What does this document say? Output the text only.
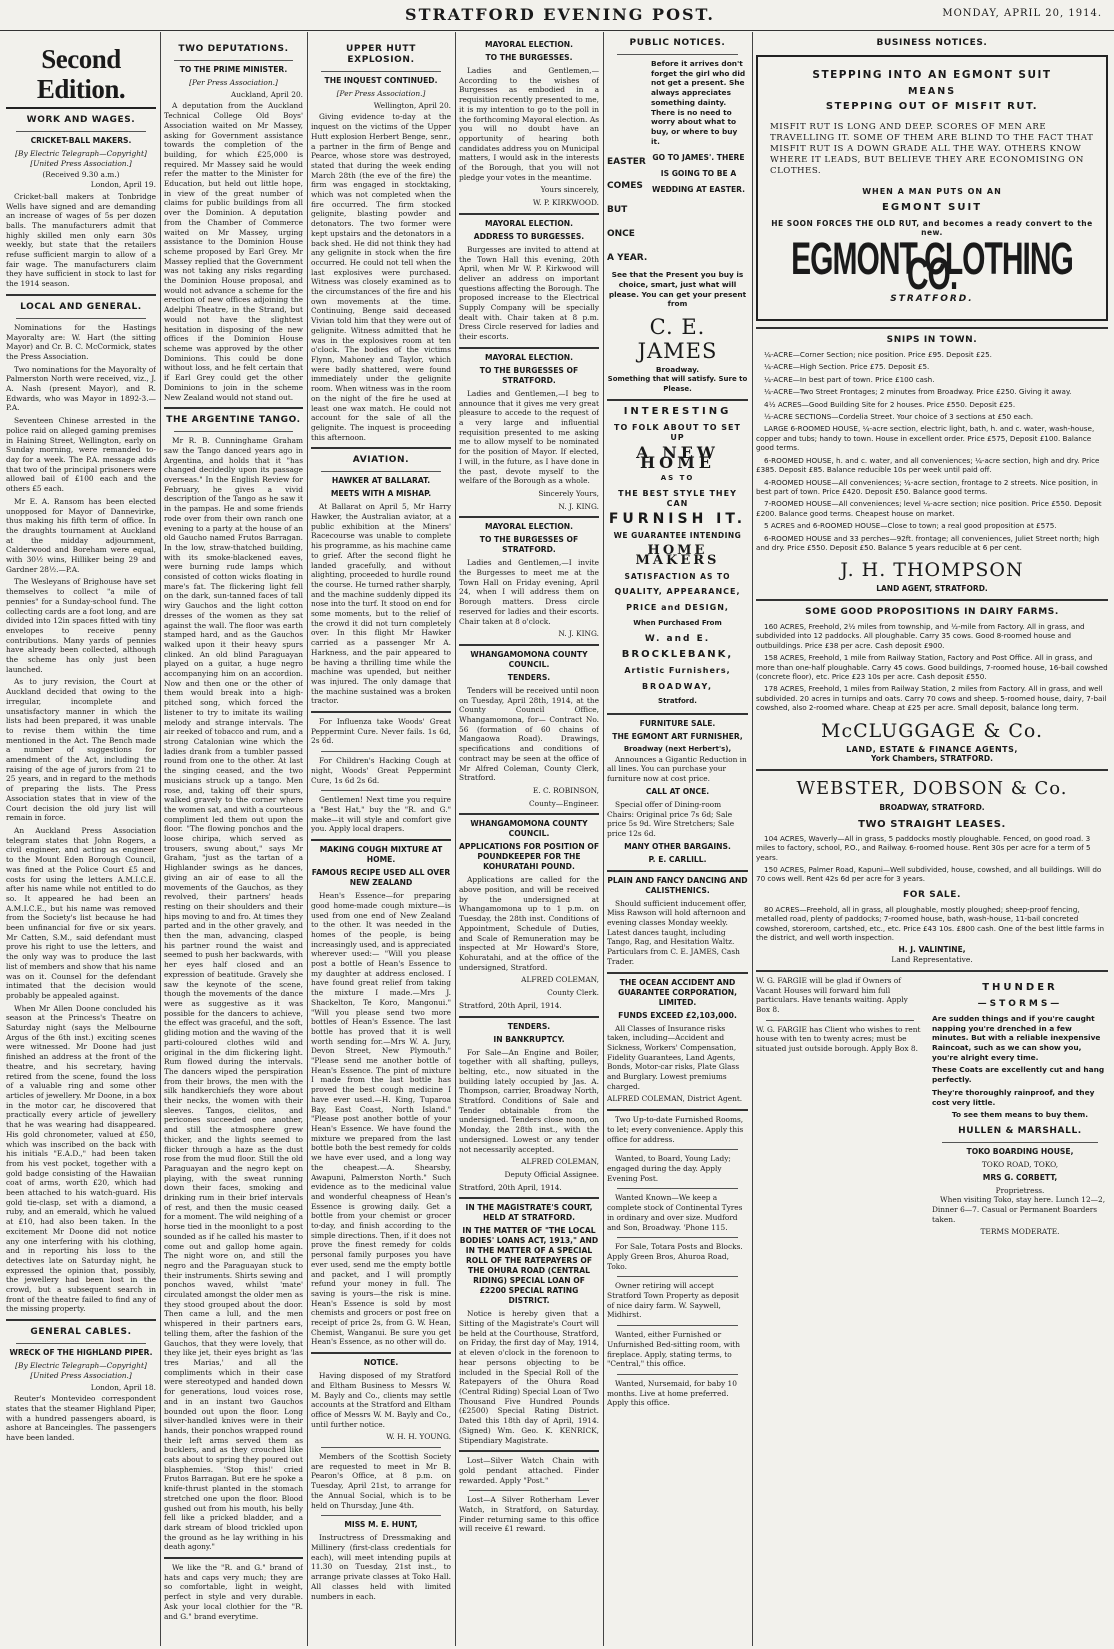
STRATFORD EVENING POST.	MONDAY, APRIL 20, 1914.
Second Edition.
WORK AND WAGES.
CRICKET-BALL MAKERS.
[By Electric Telegraph—Copyright] [United Press Association.]
(Received 9.30 a.m.)
London, April 19.

Cricket-ball makers at Tonbridge Wells have signed and are demanding an increase of wages of 5s per dozen balls. The manufacturers admit that highly skilled men only earn 30s weekly, but state that the retailers refuse sufficient margin to allow of a fair wage. The manufacturers claim they have sufficient in stock to last for the 1914 season.

LOCAL AND GENERAL.

Nominations for the Hastings Mayoralty are: W. Hart (the sitting Mayor) and Cr. B. C. McCormick, states the Press Association.

Two nominations for the Mayoralty of Palmerston North were received, viz., J. A. Nash (present Mayor), and R. Edwards, who was Mayor in 1892-3.—P.A.

Seventeen Chinese arrested in the police raid on alleged gaming premises in Haining Street, Wellington, early on Sunday morning, were remanded to-day for a week. The P.A. message adds that two of the principal prisoners were allowed bail of £100 each and the others £5 each.

Mr E. A. Ransom has been elected unopposed for Mayor of Dannevirke, thus making his fifth term of office. In the draughts tournament at Auckland at the midday adjournment, Calderwood and Boreham were equal, with 30½ wins, Hilliker being 29 and Gardner 28½.—P.A.

The Wesleyans of Brighouse have set themselves to collect "a mile of pennies" for a Sunday-school fund. The collecting cards are a foot long, and are divided into 12in spaces fitted with tiny envelopes to receive penny contributions. Many yards of pennies have already been collected, although the scheme has only just been launched.

As to jury revision, the Court at Auckland decided that owing to the irregular, incomplete and unsatisfactory manner in which the lists had been prepared, it was unable to revise them within the time mentioned in the Act. The Bench made a number of suggestions for amendment of the Act, including the raising of the age of jurors from 21 to 25 years, and in regard to the methods of preparing the lists. The Press Association states that in view of the Court decision the old jury list will remain in force.

An Auckland Press Association telegram states that John Rogers, a civil engineer, and acting as engineer to the Mount Eden Borough Council, was fined at the Police Court £5 and costs for using the letters A.M.I.C.E. after his name while not entitled to do so. It appeared he had been an A.M.I.C.E., but his name was removed from the Society's list because he had been unfinancial for five or six years. Mr Catten, S.M., said defendant must prove his right to use the letters, and the only way was to produce the last list of members and show that his name was on it. Counsel for the defendant intimated that the decision would probably be appealed against.

When Mr Allen Doone concluded his season at the Princess's Theatre on Saturday night (says the Melbourne Argus of the 6th inst.) exciting scenes were witnessed. Mr Doone had just finished an address at the front of the theatre, and his secretary, having retired from the scene, found the loss of a valuable ring and some other articles of jewellery. Mr Doone, in a box in the motor car, he discovered that practically every article of jewellery that he was wearing had disappeared. His gold chronometer, valued at £50, which was inscribed on the back with his initials "E.A.D.," had been taken from his vest pocket, together with a gold badge consisting of the Hawaiian coat of arms, worth £20, which had been attached to his watch-guard. His gold tie-clasp, set with a diamond, a ruby, and an emerald, which he valued at £10, had also been taken. In the excitement Mr Doone did not notice any one interfering with his clothing, and in reporting his loss to the detectives late on Saturday night, he expressed the opinion that, possibly, the jewellery had been lost in the crowd, but a subsequent search in front of the theatre failed to find any of the missing property.

GENERAL CABLES.
WRECK OF THE HIGHLAND PIPER.
[By Electric Telegraph—Copyright] [United Press Association.]
London, April 18.

Reuter's Montevideo correspondent states that the steamer Highland Piper, with a hundred passengers aboard, is ashore at Banceingles. The passengers have been landed.

TWO DEPUTATIONS.
TO THE PRIME MINISTER.
[Per Press Association.]
Auckland, April 20.

A deputation from the Auckland Technical College Old Boys' Association waited on Mr Massey, asking for Government assistance towards the completion of the building, for which £25,000 is required. Mr Massey said he would refer the matter to the Minister for Education, but held out little hope, in view of the great number of claims for public buildings from all over the Dominion. A deputation from the Chamber of Commerce waited on Mr Massey, urging assistance to the Dominion House scheme proposed by Earl Grey. Mr Massey replied that the Government was not taking any risks regarding the Dominion House proposal, and would not advance a scheme for the erection of new offices adjoining the Adelphi Theatre, in the Strand, but would not have the slightest hesitation in disposing of the new offices if the Dominion House scheme was approved by the other Dominions. This could be done without loss, and he felt certain that if Earl Grey could get the other Dominions to join in the scheme New Zealand would not stand out.

THE ARGENTINE TANGO.

Mr R. B. Cunninghame Graham saw the Tango danced years ago in Argentina, and holds that it "has changed decidedly upon its passage overseas." In the English Review for February, he gives a vivid description of the Tango as he saw it in the pampas. He and some friends rode over from their own ranch one evening to a party at the house of an old Gaucho named Frutos Barragan. In the low, straw-thatched building, with its smoke-blackened eaves, were burning rude lamps which consisted of cotton wicks floating in mare's fat. The flickering light fell on the dark, sun-tanned faces of tall wiry Gauchos and the light cotton dresses of the women as they sat against the wall. The floor was earth stamped hard, and as the Gauchos walked upon it their heavy spurs clinked. An old blind Paraguayan played on a guitar, a huge negro accompanying him on an accordion. Now and then one or the other of them would break into a high-pitched song, which forced the listener to try to imitate its wailing melody and strange intervals. The air reeked of tobacco and rum, and a strong Catalonian wine which the ladies drank from a tumbler passed round from one to the other. At last the singing ceased, and the two musicians struck up a tango. Men rose, and, taking off their spurs, walked gravely to the corner where the women sat, and with a courteous compliment led them out upon the floor. "The flowing ponchos and the loose chiripa, which served as trousers, swung about," says Mr Graham, "just as the tartan of a Highlander swings as he dances, giving an air of ease to all the movements of the Gauchos, as they revolved, their partners' heads resting on their shoulders and their hips moving to and fro. At times they parted and in the other gravely, and then the man, advancing, clasped his partner round the waist and seemed to push her backwards, with her eyes half closed and an expression of beatitude. Gravely she saw the keynote of the scene, though the movements of the dance were as suggestive as it was possible for the dancers to achieve, the effect was graceful, and the soft, gliding motion and the waving of the parti-coloured clothes wild and original in the dim flickering light. Rum flowed during the intervals. The dancers wiped the perspiration from their brows, the men with the silk handkerchiefs they wore about their necks, the women with their sleeves. Tangos, cielitos, and pericones succeeded one another, and still the atmosphere grew thicker, and the lights seemed to flicker through a haze as the dust rose from the mud floor. Still the old Paraguayan and the negro kept on playing, with the sweat running down their faces, smoking and drinking rum in their brief intervals of rest, and then the music ceased for a moment. The wild neighing of a horse tied in the moonlight to a post sounded as if he called his master to come out and gallop home again. The night wore on, and still the negro and the Paraguayan stuck to their instruments. Shirts sewing and ponchos waved, whilst 'mate' circulated amongst the older men as they stood grouped about the door. Then came a lull, and the men whispered in their partners ears, telling them, after the fashion of the Gauchos, that they were lovely, that they like jet, their eyes bright as 'las tres Marias,' and all the compliments which in their case were stereotyped and handed down for generations, loud voices rose, and in an instant two Gauchos bounded out upon the floor. Long silver-handled knives were in their hands, their ponchos wrapped round their left arms served them as bucklers, and as they crouched like cats about to spring they poured out blasphemies. 'Stop this!' cried Frutos Barragan. But ere he spoke a knife-thrust planted in the stomach stretched one upon the floor. Blood gushed out from his mouth, his belly fell like a pricked bladder, and a dark stream of blood trickled upon the ground as he lay writhing in his death agony."

We like the "R. and G." brand of hats and caps very much; they are so comfortable, light in weight, perfect in style and very durable. Ask your local clothier for the "R. and G." brand everytime.

UPPER HUTT EXPLOSION.
THE INQUEST CONTINUED.
[Per Press Association.]
Wellington, April 20.

Giving evidence to-day at the inquest on the victims of the Upper Hutt explosion Herbert Benge, senr., a partner in the firm of Benge and Pearce, whose store was destroyed, stated that during the week ending March 28th (the eve of the fire) the firm was engaged in stocktaking, which was not completed when the fire occurred. The firm stocked gelignite, blasting powder and detonators. The two former were kept upstairs and the detonators in a back shed. He did not think they had any gelignite in stock when the fire occurred. He could not tell when the last explosives were purchased. Witness was closely examined as to the circumstances of the fire and his own movements at the time. Continuing, Benge said deceased Vivian told him that they were out of gelignite. Witness admitted that he was in the explosives room at ten o'clock. The bodies of the victims Flynn, Mahoney and Taylor, which were badly shattered, were found immediately under the gelignite room. When witness was in the room on the night of the fire he used at least one wax match. He could not account for the sale of all the gelignite. The inquest is proceeding this afternoon.

AVIATION.
HAWKER AT BALLARAT.
MEETS WITH A MISHAP.

At Ballarat on April 5, Mr Harry Hawker, the Australian aviator, at a public exhibition at the Miners' Racecourse was unable to complete his programme, as his machine came to grief. After the second flight he landed gracefully, and without alighting, proceeded to hurdle round the course. He turned rather sharply, and the machine suddenly dipped its nose into the turf. It stood on end for some moments, but to the relief of the crowd it did not turn completely over. In this flight Mr Hawker carried as a passenger Mr A. Harkness, and the pair appeared to be having a thrilling time while the machine was upended, but neither was injured. The only damage that the machine sustained was a broken tractor.

For Influenza take Woods' Great Peppermint Cure. Never fails. 1s 6d, 2s 6d.

For Children's Hacking Cough at night, Woods' Great Peppermint Cure, 1s 6d 2s 6d.

Gentlemen! Next time you require a "Best Hat," buy the "R. and G." make—it will style and comfort give you. Apply local drapers.

MAKING COUGH MIXTURE AT HOME.
FAMOUS RECIPE USED ALL OVER NEW ZEALAND

Hean's Essence—for preparing good home-made cough mixture—is used from one end of New Zealand to the other. It was needed in the homes of the people, is being increasingly used, and is appreciated wherever used:— "Will you please post a bottle of Hean's Essence to my daughter at address enclosed. I have found great relief from taking the mixture I made.—Mrs J. Shackelton, Te Koro, Mangonui." "Will you please send two more bottles of Hean's Essence. The last bottle has proved that it is well worth sending for.—Mrs W. A. Jury, Devon Street, New Plymouth." "Please send me another bottle of Hean's Essence. The pint of mixture I made from the last bottle has proved the best cough medicine I have ever used.—H. King, Tuparoa Bay, East Coast, North Island." "Please post another bottle of your Hean's Essence. We have found the mixture we prepared from the last bottle both the best remedy for colds we have ever used, and a long way the cheapest.—A. Shearsby, Awapuni, Palmerston North." Such evidence as to the medicinal value and wonderful cheapness of Hean's Essence is growing daily. Get a bottle from your chemist or grocer to-day, and finish according to the simple directions. Then, if it does not prove the finest remedy for colds personal family purposes you have ever used, send me the empty bottle and packet, and I will promptly refund your money in full. The saving is yours—the risk is mine. Hean's Essence is sold by most chemists and grocers or post free on receipt of price 2s, from G. W. Hean, Chemist, Wanganui. Be sure you get Hean's Essence, as no other will do.

NOTICE.

Having disposed of my Stratford and Eltham Business to Messrs W. M. Bayly and Co., clients may settle accounts at the Stratford and Eltham office of Messrs W. M. Bayly and Co., until further notice.

W. H. H. YOUNG.

Members of the Scottish Society are requested to meet in Mr B. Pearon's Office, at 8 p.m. on Tuesday, April 21st, to arrange for the Annual Social, which is to be held on Thursday, June 4th.

MISS M. E. HUNT,

Instructress of Dressmaking and Millinery (first-class credentials for each), will meet intending pupils at 11.30 on Tuesday, 21st inst., to arrange private classes at Toko Hall. All classes held with limited numbers in each.

MAYORAL ELECTION.
TO THE BURGESSES.

Ladies and Gentlemen,— According to the wishes of Burgesses as embodied in a requisition recently presented to me, it is my intention to go to the poll in the forthcoming Mayoral election. As you will no doubt have an opportunity of hearing both candidates address you on Municipal matters, I would ask in the interests of the Borough, that you will not pledge your votes in the meantime.

Yours sincerely,
W. P. KIRKWOOD.
MAYORAL ELECTION.
ADDRESS TO BURGESSES.

Burgesses are invited to attend at the Town Hall this evening, 20th April, when Mr W. P. Kirkwood will deliver an address on important questions affecting the Borough. The proposed increase to the Electrical Supply Company will be specially dealt with. Chair taken at 8 p.m. Dress Circle reserved for ladies and their escorts.

MAYORAL ELECTION.
TO THE BURGESSES OF STRATFORD.

Ladies and Gentlemen,—I beg to announce that it gives me very great pleasure to accede to the request of a very large and influential requisition presented to me asking me to allow myself to be nominated for the position of Mayor. If elected, I will, in the future, as I have done in the past, devote myself to the welfare of the Borough as a whole.

Sincerely Yours,
N. J. KING.
MAYORAL ELECTION.
TO THE BURGESSES OF STRATFORD.

Ladies and Gentlemen,—I invite the Burgesses to meet me at the Town Hall on Friday evening, April 24, when I will address them on Borough matters. Dress circle reserved for ladies and their escorts. Chair taken at 8 o'clock.

N. J. KING.
WHANGAMOMONA COUNTY COUNCIL.
TENDERS.

Tenders will be received until noon on Tuesday, April 28th, 1914, at the County Council Office, Whangamomona, for— Contract No. 56 (formation of 60 chains of Mangaowa Road). Drawings, specifications and conditions of contract may be seen at the office of Mr Alfred Coleman, County Clerk, Stratford.

E. C. ROBINSON,
County—Engineer.
WHANGAMOMONA COUNTY COUNCIL.
APPLICATIONS FOR POSITION OF POUNDKEEPER FOR THE KOHURATAHI POUND.

Applications are called for the above position, and will be received by the undersigned at Whangamomona up to 1 p.m. on Tuesday, the 28th inst. Conditions of Appointment, Schedule of Duties, and Scale of Remuneration may be inspected at Mr Howard's Store, Kohuratahi, and at the office of the undersigned, Stratford.

ALFRED COLEMAN,
County Clerk.

Stratford, 20th April, 1914.

TENDERS.
IN BANKRUPTCY.

For Sale—An Engine and Boiler, together with all shafting, pulleys, belting, etc., now situated in the building lately occupied by Jas. A. Thompson, carrier, Broadway North, Stratford. Conditions of Sale and Tender obtainable from the undersigned. Tenders close noon, on Monday, the 28th inst., with the undersigned. Lowest or any tender not necessarily accepted.

ALFRED COLEMAN,
Deputy Official Assignee.

Stratford, 20th April, 1914.

IN THE MAGISTRATE'S COURT, HELD AT STRATFORD.
IN THE MATTER OF "THE LOCAL BODIES' LOANS ACT, 1913," AND IN THE MATTER OF A SPECIAL ROLL OF THE RATEPAYERS OF THE OHURA ROAD (CENTRAL RIDING) SPECIAL LOAN OF £2200 SPECIAL RATING DISTRICT.

Notice is hereby given that a Sitting of the Magistrate's Court will be held at the Courthouse, Stratford, on Friday, the first day of May, 1914, at eleven o'clock in the forenoon to hear persons objecting to be included in the Special Roll of the Ratepayers of the Ohura Road (Central Riding) Special Loan of Two Thousand Five Hundred Pounds (£2500) Special Rating District. Dated this 18th day of April, 1914. (Signed) Wm. Geo. K. KENRICK, Stipendiary Magistrate.

Lost—Silver Watch Chain with gold pendant attached. Finder rewarded. Apply "Post."

Lost—A Silver Rotherham Lever Watch, in Stratford, on Saturday. Finder returning same to this office will receive £1 reward.

PUBLIC NOTICES.

Before it arrives don't forget the girl who did not get a present. She always appreciates something dainty. There is no need to worry about what to buy, or where to buy it.

EASTER
COMES
BUT
ONCE
A YEAR.
GO TO JAMES'. THERE IS GOING TO BE A WEDDING AT EASTER.

See that the Present you buy is choice, smart, just what will please. You can get your present from

C. E. JAMES
Broadway.
Something that will satisfy. Sure to Please.
INTERESTING
TO FOLK ABOUT TO SET UP
A NEW HOME
AS TO
THE BEST STYLE THEY CAN
FURNISH IT.
WE GUARANTEE INTENDING
HOME MAKERS
SATISFACTION AS TO
QUALITY, APPEARANCE,
PRICE and DESIGN,
When Purchased From
W. and E.
BROCKLEBANK,
Artistic Furnishers,
BROADWAY,
Stratford.
FURNITURE SALE.
THE EGMONT ART FURNISHER,
Broadway (next Herbert's),

Announces a Gigantic Reduction in all lines. You can purchase your furniture now at cost price.

CALL AT ONCE.

Special offer of Dining-room Chairs: Original price 7s 6d; Sale price 5s 9d. Wire Stretchers; Sale price 12s 6d.

MANY OTHER BARGAINS.
P. E. CARLILL.
PLAIN AND FANCY DANCING AND CALISTHENICS.

Should sufficient inducement offer, Miss Rawson will hold afternoon and evening classes Monday weekly. Latest dances taught, including Tango, Rag, and Hesitation Waltz. Particulars from C. E. JAMES, Cash Trader.

THE OCEAN ACCIDENT AND GUARANTEE CORPORATION, LIMITED.
FUNDS EXCEED £2,103,000.

All Classes of Insurance risks taken, including—Accident and Sickness, Workers' Compensation, Fidelity Guarantees, Land Agents, Bonds, Motor-car risks, Plate Glass and Burglary. Lowest premiums charged.

ALFRED COLEMAN, District Agent.

Two Up-to-date Furnished Rooms, to let; every convenience. Apply this office for address.

Wanted, to Board, Young Lady; engaged during the day. Apply Evening Post.

Wanted Known—We keep a complete stock of Continental Tyres in ordinary and over size. Mudford and Son, Broadway. 'Phone 115.

For Sale, Totara Posts and Blocks. Apply Green Bros, Ahuroa Road, Toko.

Owner retiring will accept Stratford Town Property as deposit of nice dairy farm. W. Saywell, Midhirst.

Wanted, either Furnished or Unfurnished Bed-sitting room, with fireplace. Apply, stating terms, to "Central," this office.

Wanted, Nursemaid, for baby 10 months. Live at home preferred. Apply this office.

BUSINESS NOTICES.
STEPPING INTO AN EGMONT SUIT
MEANS
STEPPING OUT OF MISFIT RUT.

MISFIT RUT IS LONG AND DEEP. SCORES OF MEN ARE TRAVELLING IT. SOME OF THEM ARE BLIND TO THE FACT THAT MISFIT RUT IS A DOWN GRADE ALL THE WAY. OTHERS KNOW WHERE IT LEADS, BUT BELIEVE THEY ARE ECONOMISING ON CLOTHES.

WHEN A MAN PUTS ON AN
EGMONT SUIT
HE SOON FORCES THE OLD RUT, and becomes a ready convert to the new.
EGMONT CLOTHING CO.
STRATFORD.
SNIPS IN TOWN.

¼-ACRE—Corner Section; nice position. Price £95. Deposit £25.

¼-ACRE—High Section. Price £75. Deposit £5.

¼-ACRE—In best part of town. Price £100 cash.

¼-ACRE—Two Street Frontages; 2 minutes from Broadway. Price £250. Giving it away.

4½ ACRES—Good Building Site for 2 houses. Price £550. Deposit £25.

½-ACRE SECTIONS—Cordelia Street. Your choice of 3 sections at £50 each.

LARGE 6-ROOMED HOUSE, ¼-acre section, electric light, bath, h. and c. water, wash-house, copper and tubs; handy to town. House in excellent order. Price £575, Deposit £100. Balance good terms.

6-ROOMED HOUSE, h. and c. water, and all conveniences; ¼-acre section, high and dry. Price £385. Deposit £85. Balance reducible 10s per week until paid off.

4-ROOMED HOUSE—All conveniences; ¼-acre section, frontage to 2 streets. Nice position, in best part of town. Price £420. Deposit £50. Balance good terms.

7-ROOMED HOUSE—All conveniences; level ¼-acre section; nice position. Price £550. Deposit £200. Balance good terms. Cheapest house on market.

5 ACRES and 6-ROOMED HOUSE—Close to town; a real good proposition at £575.

6-ROOMED HOUSE and 33 perches—92ft. frontage; all conveniences, Juliet Street north; high and dry. Price £550. Deposit £50. Balance 5 years reducible at 6 per cent.

J. H. THOMPSON
LAND AGENT, STRATFORD.
SOME GOOD PROPOSITIONS IN DAIRY FARMS.

160 ACRES, Freehold, 2½ miles from township, and ½-mile from Factory. All in grass, and subdivided into 12 paddocks. All ploughable. Carry 35 cows. Good 8-roomed house and outbuildings. Price £38 per acre. Cash deposit £900.

158 ACRES, Freehold, 1 mile from Railway Station, Factory and Post Office. All in grass, and more than one-half ploughable. Carry 45 cows. Good buildings, 7-roomed house, 16-bail cowshed (concrete floor), etc. Price £23 10s per acre. Cash deposit £550.

178 ACRES, Freehold, 1 miles from Railway Station, 2 miles from Factory. All in grass, and well subdivided. 20 acres in turnips and oats. Carry 70 cows and sheep. 5-roomed house, dairy, 7-bail cowshed, also 2-roomed whare. Cheap at £25 per acre. Small deposit, balance long term.

McCLUGGAGE & Co.
LAND, ESTATE & FINANCE AGENTS,
York Chambers, STRATFORD.
WEBSTER, DOBSON & Co.
BROADWAY, STRATFORD.
TWO STRAIGHT LEASES.

104 ACRES, Waverly—All in grass, 5 paddocks mostly ploughable. Fenced, on good road. 3 miles to factory, school, P.O., and Railway. 6-roomed house. Rent 30s per acre for a term of 5 years.

150 ACRES, Palmer Road, Kapuni—Well subdivided, house, cowshed, and all buildings. Will do 70 cows well. Rent 42s 6d per acre for 3 years.

FOR SALE.

80 ACRES—Freehold, all in grass, all ploughable, mostly ploughed; sheep-proof fencing, metalled road, plenty of paddocks; 7-roomed house, bath, wash-house, 11-bail concreted cowshed, storeroom, cartshed, etc., etc. Price £43 10s. £800 cash. One of the best little farms in the district, and well worth inspection.

H. J. VALINTINE,
Land Representative.

W. G. FARGIE will be glad if Owners of Vacant Houses will forward him full particulars. Have tenants waiting. Apply Box 8.

W. G. FARGIE has Client who wishes to rent house with ten to twenty acres; must be situated just outside borough. Apply Box 8.

THUNDER
—STORMS—

Are sudden things and if you're caught napping you're drenched in a few minutes. But with a reliable inexpensive Raincoat, such as we can show you, you're alright every time.

These Coats are excellently cut and hang perfectly.

They're thoroughly rainproof, and they cost very little.

To see them means to buy them.

HULLEN & MARSHALL.
TOKO BOARDING HOUSE,
TOKO ROAD, TOKO,
MRS G. CORBETT,
Proprietress.

When visiting Toko, stay here. Lunch 12—2, Dinner 6—7. Casual or Permanent Boarders taken.

TERMS MODERATE.
